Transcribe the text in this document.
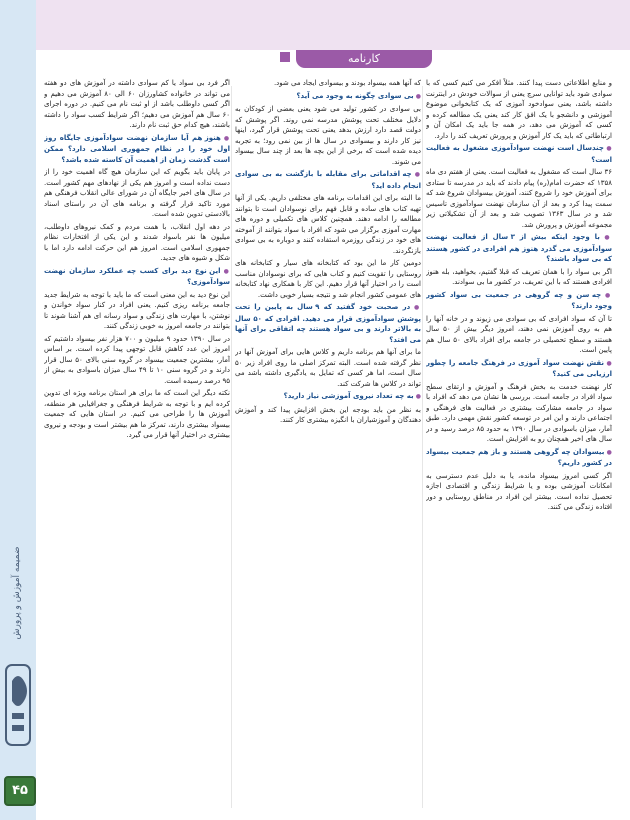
کارنامه
ضمیمه آموزش و پرورش
۴۵

و منابع اطلاعاتی دست پیدا کنند. مثلاً افکر می کنیم کسی که با سوادی شود باید توانایی سرچ یعنی از سوالات خودش در اینترنت داشته باشد، یعنی سوادخود آموزی که یک کتابخوانی موضوع آموزشی و دانشجو با یک افق کار کند یعنی یک مطالعه کرده و کسی که آموزش می دهد، در همه جا باید یک امکان آن و ارتباطاتی که باید یک کار آموزش و پرورش تعریف کند را دارد.

● چندسال است نهضت سوادآموزی مشغول به فعالیت است؟

۳۶ سال است که مشغول به فعالیت است. یعنی از هفتم دی ماه ۱۳۵۸ که حضرت امام(ره) پیام دادند که باید در مدرسه تا ستادی برای آموزش خود را شروع کنند، آموزش بیسوادان شروع شد که سمت پیدا کرد و بعد از آن سازمان نهضت سوادآموزی تاسیس شد و در سال ۱۳۶۳ تصویب شد و بعد از آن تشکیلاتی زیر مجموعه آموزش و پرورش شد.

● با وجود اینکه بیش از ۳ سال از فعالیت نهضت سوادآموزی می گذرد هنوز هم افرادی در کشور هستند که بی سواد باشند؟

اگر بی سواد را با همان تعریف که قبلا گفتیم، بخواهید، بله هنوز افرادی هستند که با این تعریف، در کشور ما بی سوادند.

● چه سن و چه گروهی در جمعیت بی سواد کشور وجود دارند؟

تا آن که سواد افرادی که بی سوادی می زیوند و در خانه آنها را هم به روی آموزش نمی دهند، امروز دیگر بیش از ۵۰ سال هستند و سطح تحصیلی در جامعه برای افراد بالای ۵۰ سال هم پایین است.

● نقش نهضت سواد آموزی در فرهنگ جامعه را چطور ارزیابی می کنید؟

کار نهضت خدمت به بخش فرهنگ و آموزش و ارتقای سطح سواد افراد در جامعه است. بررسی ها نشان می دهد که افراد با سواد در جامعه مشارکت بیشتری در فعالیت های فرهنگی و اجتماعی دارند و این امر در توسعه کشور نقش مهمی دارد. طبق آمار، میزان باسوادی در سال ۱۳۹۰ به حدود ۸۵ درصد رسید و در سال های اخیر همچنان رو به افزایش است.

● بیسوادان چه گروهی هستند و باز هم جمعیت بیسواد در کشور داریم؟

اگر کسی امروز بیسواد مانده، یا به دلیل عدم دسترسی به امکانات آموزشی بوده و یا شرایط زندگی و اقتصادی اجازه تحصیل نداده است. بیشتر این افراد در مناطق روستایی و دور افتاده زندگی می کنند.

که آنها همه بیسواد بودند و بیسوادی ایجاد می شود.

● بی سوادی چگونه به وجود می آید؟

بی سوادی در کشور تولید می شود یعنی بعضی از کودکان به دلایل مختلف تحت پوشش مدرسه نمی روند. اگر پوشش که دولت قصد دارد ارزش بدهد یعنی تحت پوشش قرار گیرد، اینها نیز کار دارند و بیسوادی در سال ها از بین نمی رود؛ به تجربه دیده شده است که برخی از این بچه ها بعد از چند سال بیسواد می شوند.

● چه اقداماتی برای مقابله با بازگشت به بی سوادی انجام داده اید؟

ما البته برای این اقدامات برنامه های مختلفی داریم. یکی از آنها تهیه کتاب های ساده و قابل فهم برای نوسوادان است تا بتوانند مطالعه را ادامه دهند. همچنین کلاس های تکمیلی و دوره های مهارت آموزی برگزار می شود که افراد با سواد بتوانند از آموخته های خود در زندگی روزمره استفاده کنند و دوباره به بی سوادی بازنگردند.

دومین کار ما این بود که کتابخانه های سیار و کتابخانه های روستایی را تقویت کنیم و کتاب هایی که برای نوسوادان مناسب است را در اختیار آنها قرار دهیم. این کار با همکاری نهاد کتابخانه های عمومی کشور انجام شد و نتیجه بسیار خوبی داشت.

● در صحبت خود گفتید که ۹ سال به پایین را تحت پوشش سوادآموزی قرار می دهید. افرادی که ۵۰ سال به بالاتر دارند و بی سواد هستند چه اتفاقی برای آنها می افتد؟

ما برای آنها هم برنامه داریم و کلاس هایی برای آموزش آنها در نظر گرفته شده است. البته تمرکز اصلی ما روی افراد زیر ۵۰ سال است، اما هر کسی که تمایل به یادگیری داشته باشد می تواند در کلاس ها شرکت کند.

● به چه تعداد نیروی آموزشی نیاز دارید؟

به نظر من باید بودجه این بخش افزایش پیدا کند و آموزش دهندگان و آموزشیاران با انگیزه بیشتری کار کنند.

اگر فرد بی سواد یا کم سوادی داشته در آموزش های دو هفته می تواند در خانواده کشاورزان ۶۰ الی ۸۰ آموزش می دهیم و اگر کسی داوطلب باشد از او ثبت نام می کنیم. در دوره اجرای ۶۰ سال هم آموزش می دهیم؛ اگر شرایط کسب سواد را داشته باشند، هیچ کدام حق ثبت نام دارند.

● هنوز هم آیا سازمان نهضت سوادآموزی جایگاه روز اول خود را در نظام جمهوری اسلامی دارد؟ ممکن است گذشت زمان از اهمیت آن کاسته شده باشد؟

در پایان باید بگویم که این سازمان هیچ گاه اهمیت خود را از دست نداده است و امروز هم یکی از نهادهای مهم کشور است. در سال های اخیر جایگاه آن در شورای عالی انقلاب فرهنگی هم مورد تاکید قرار گرفته و برنامه های آن در راستای اسناد بالادستی تدوین شده است.

در دهه اول انقلاب، با همت مردم و کمک نیروهای داوطلب، میلیون ها نفر باسواد شدند و این یکی از افتخارات نظام جمهوری اسلامی است. امروز هم این حرکت ادامه دارد اما با شکل و شیوه های جدید.

● این نوع دید برای کسب چه عملکرد سازمان نهضت سوادآموزی؟

این نوع دید به این معنی است که ما باید با توجه به شرایط جدید جامعه برنامه ریزی کنیم. یعنی افراد در کنار سواد خواندن و نوشتن، با مهارت های زندگی و سواد رسانه ای هم آشنا شوند تا بتوانند در جامعه امروز به خوبی زندگی کنند.

در سال ۱۳۹۰ حدود ۹ میلیون و ۷۰۰ هزار نفر بیسواد داشتیم که امروز این عدد کاهش قابل توجهی پیدا کرده است. بر اساس آمار، بیشترین جمعیت بیسواد در گروه سنی بالای ۵۰ سال قرار دارند و در گروه سنی ۱۰ تا ۴۹ سال میزان باسوادی به بیش از ۹۵ درصد رسیده است.

نکته دیگر این است که ما برای هر استان برنامه ویژه ای تدوین کرده ایم و با توجه به شرایط فرهنگی و جغرافیایی هر منطقه، آموزش ها را طراحی می کنیم. در استان هایی که جمعیت بیسواد بیشتری دارند، تمرکز ما هم بیشتر است و بودجه و نیروی بیشتری در اختیار آنها قرار می گیرد.
